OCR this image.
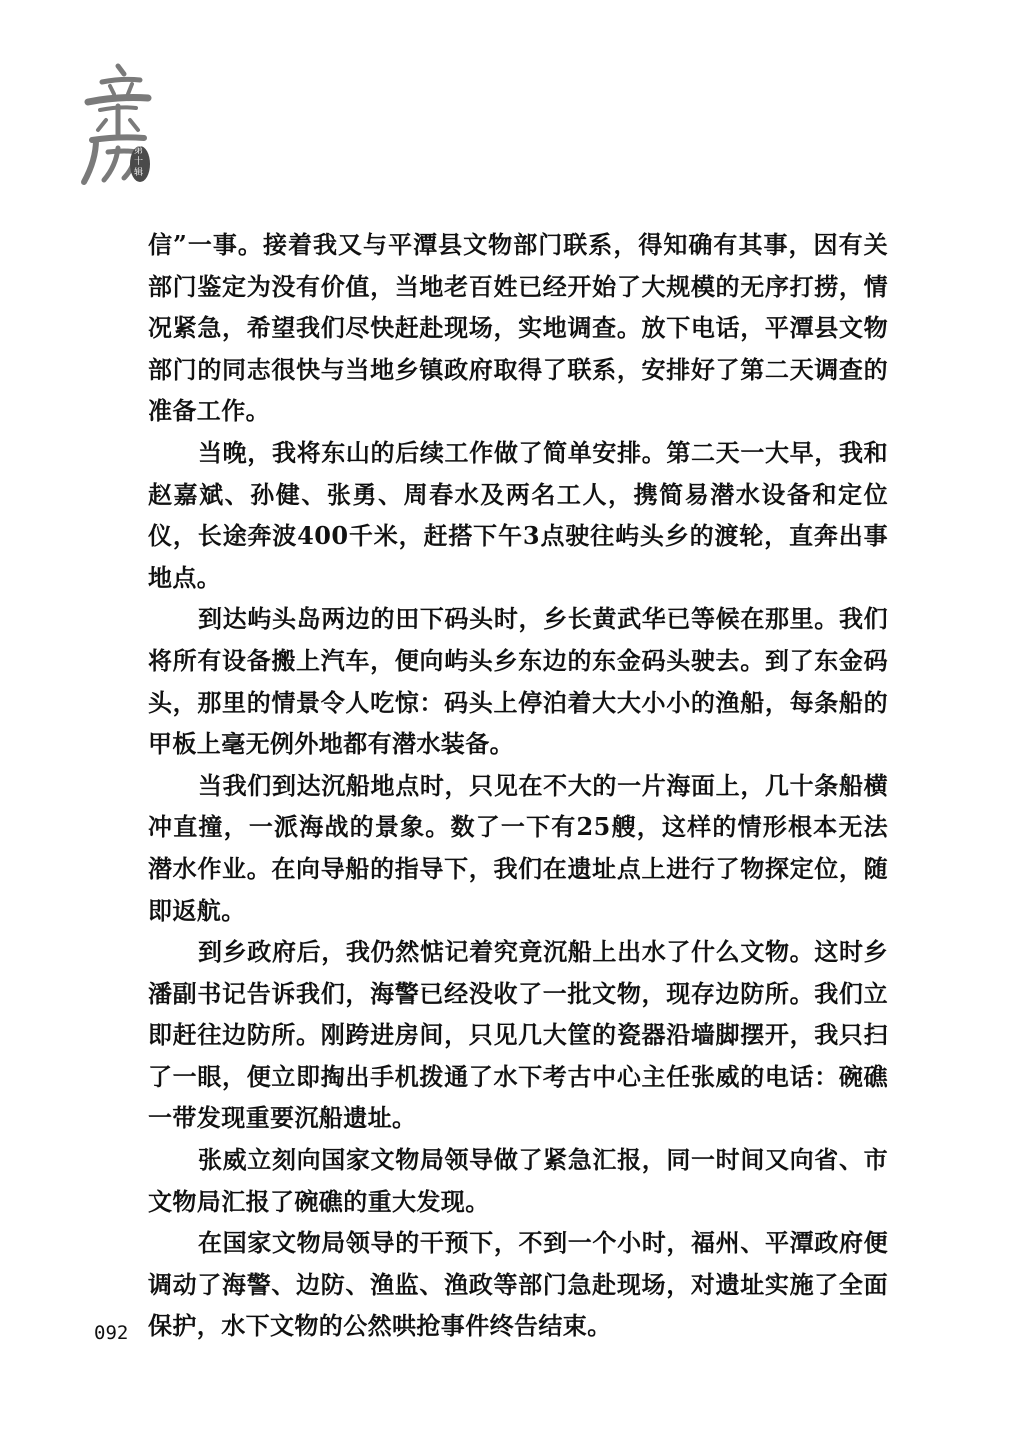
第十辑

信”一事。接着我又与平潭县文物部门联系，得知确有其事，因有关部门鉴定为没有价值，当地老百姓已经开始了大规模的无序打捞，情况紧急，希望我们尽快赶赴现场，实地调查。放下电话，平潭县文物部门的同志很快与当地乡镇政府取得了联系，安排好了第二天调查的准备工作。

当晚，我将东山的后续工作做了简单安排。第二天一大早，我和赵嘉斌、孙健、张勇、周春水及两名工人，携简易潜水设备和定位仪，长途奔波400千米，赶搭下午3点驶往屿头乡的渡轮，直奔出事地点。

到达屿头岛两边的田下码头时，乡长黄武华已等候在那里。我们将所有设备搬上汽车，便向屿头乡东边的东金码头驶去。到了东金码头，那里的情景令人吃惊：码头上停泊着大大小小的渔船，每条船的甲板上毫无例外地都有潜水装备。

当我们到达沉船地点时，只见在不大的一片海面上，几十条船横冲直撞，一派海战的景象。数了一下有25艘，这样的情形根本无法潜水作业。在向导船的指导下，我们在遗址点上进行了物探定位，随即返航。

到乡政府后，我仍然惦记着究竟沉船上出水了什么文物。这时乡潘副书记告诉我们，海警已经没收了一批文物，现存边防所。我们立即赶往边防所。刚跨进房间，只见几大筐的瓷器沿墙脚摆开，我只扫了一眼，便立即掏出手机拨通了水下考古中心主任张威的电话：碗礁一带发现重要沉船遗址。

张威立刻向国家文物局领导做了紧急汇报，同一时间又向省、市文物局汇报了碗礁的重大发现。

在国家文物局领导的干预下，不到一个小时，福州、平潭政府便调动了海警、边防、渔监、渔政等部门急赴现场，对遗址实施了全面保护，水下文物的公然哄抢事件终告结束。

092
